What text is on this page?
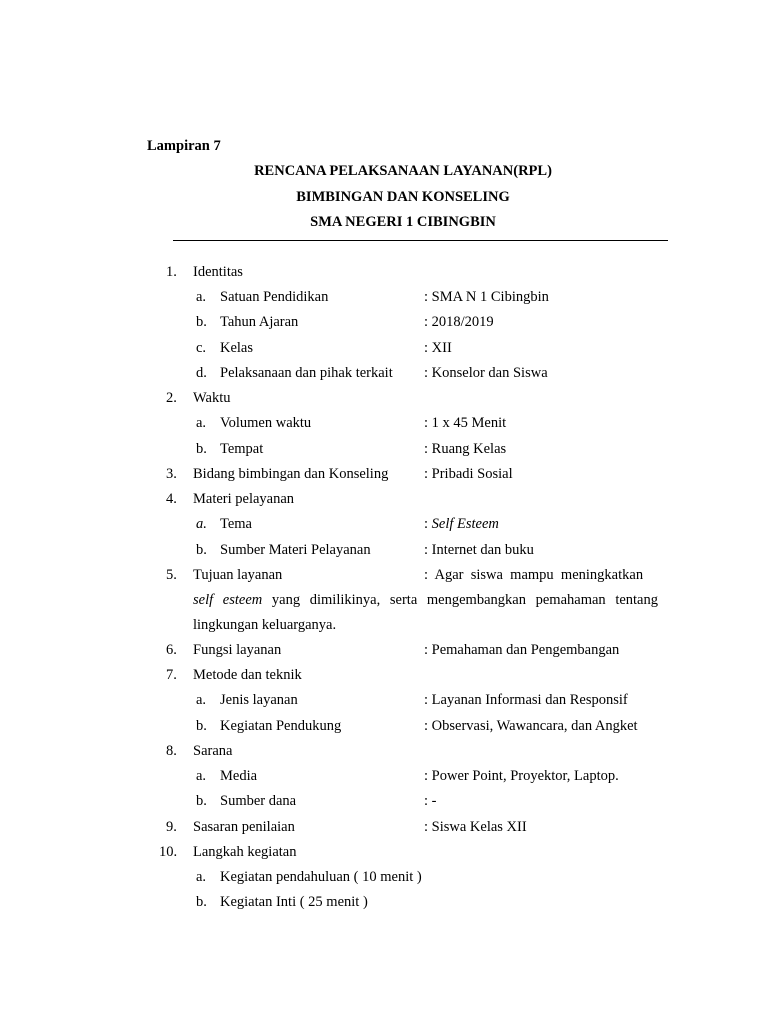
Lampiran 7
RENCANA PELAKSANAAN LAYANAN(RPL)
BIMBINGAN DAN KONSELING
SMA NEGERI 1 CIBINGBIN
1. Identitas
a. Satuan Pendidikan	: SMA N 1 Cibingbin
b. Tahun Ajaran	: 2018/2019
c. Kelas	: XII
d. Pelaksanaan dan pihak terkait : Konselor dan Siswa
2. Waktu
a. Volumen waktu	: 1 x 45 Menit
b. Tempat	: Ruang Kelas
3. Bidang bimbingan dan Konseling : Pribadi Sosial
4. Materi pelayanan
a. Tema	: Self Esteem
b. Sumber Materi Pelayanan	: Internet dan buku
5. Tujuan layanan	:  Agar  siswa  mampu  meningkatkan
self esteem yang dimilikinya, serta mengembangkan pemahaman tentang
lingkungan keluarganya.
6. Fungsi layanan	: Pemahaman dan Pengembangan
7. Metode dan teknik
a. Jenis layanan	: Layanan Informasi dan Responsif
b. Kegiatan Pendukung	: Observasi, Wawancara, dan Angket
8. Sarana
a. Media	: Power Point, Proyektor, Laptop.
b. Sumber dana	: -
9. Sasaran penilaian	: Siswa Kelas XII
10. Langkah kegiatan
a. Kegiatan pendahuluan ( 10 menit )
b. Kegiatan Inti ( 25 menit )
